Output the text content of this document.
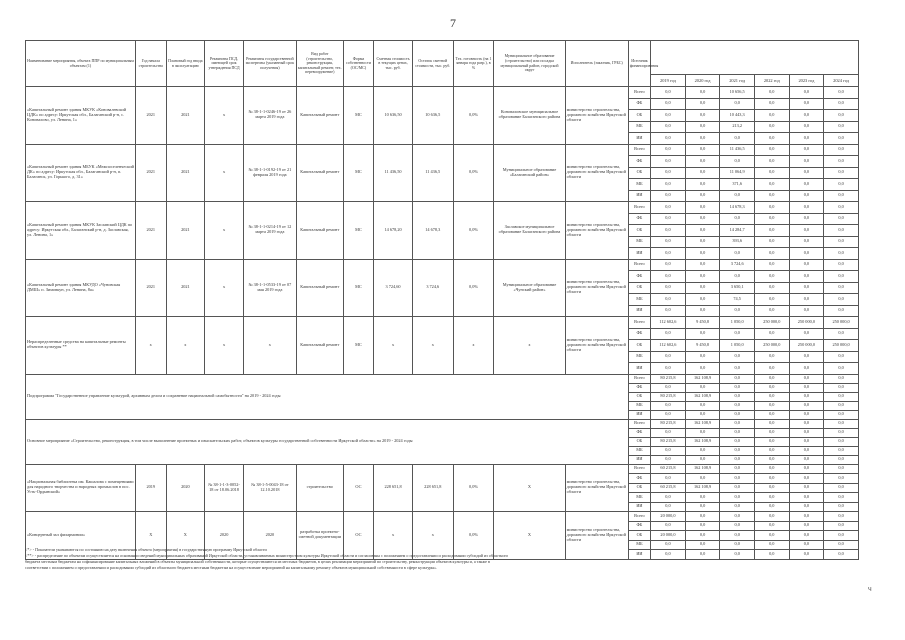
7
Наименование мероприятия, объекта ППР по муниципальным объектам (1)	Год начала строительства	Плановый год ввода в эксплуатацию	Реквизиты ПСД, имеющей срок утверждения ПСД	Реквизиты государственной экспертизы (указанный срок получения)	Вид работ (строительство, реконструкция, капитальный ремонт, тех. перевооружение)	Форма собственности (ОС/МС)	Сметная стоимость в текущих ценах, тыс. руб.	Остаток сметной стоимости, тыс. руб.	Тех. готовность (на 1 января года разр.), в %	Муниципальное образование (строительство) или посадка муниципальный район, городской округ	Исполнитель (заказчик, ГРБС)	Источник финансирования						
													2019 год	2020 год	2021 год	2022 год	2023 год	2024 год
«Капитальный ремонт здания МКУК «Коновалевский ЦДК» по адресу: Иркутская обл., Балаганский р-н, с. Коновалово, ул. Ленина, 1»	2021	2021	х	№ 38-1-1-0246-19 от 26 марта 2019 года	Капитальный ремонт	МС	10 636,50	10 636,5	0,0%	Коноваловское муниципальное образование Балаганского района	министерство строительства, дорожного хозяйства Иркутской области	Всего	0,0	0,0	10 656,5	0,0	0,0	0,0
												ФБ	0,0	0,0	0,0	0,0	0,0	0,0
												ОБ	0,0	0,0	10 443,3	0,0	0,0	0,0
												МБ	0,0	0,0	213,2	0,0	0,0	0,0
												ИИ	0,0	0,0	0,0	0,0	0,0	0,0
«Капитальный ремонт здания МБУК «Межпоселенческий ДК» по адресу: Иркутская обл., Балаганский р-н, п. Балаганск, ул. Горького, д. 31»	2021	2021	х	№ 38-1-1-0192-19 от 21 февраля 2019 года	Капитальный ремонт	МС	11 436,50	11 436,5	0,0%	Муниципальное образование «Балаганский район»	министерство строительства, дорожного хозяйства Иркутской области	Всего	0,0	0,0	11 436,5	0,0	0,0	0,0
												ФБ	0,0	0,0	0,0	0,0	0,0	0,0
												ОБ	0,0	0,0	11 064,9	0,0	0,0	0,0
												МБ	0,0	0,0	371,6	0,0	0,0	0,0
												ИИ	0,0	0,0	0,0	0,0	0,0	0,0
«Капитальный ремонт здания МКУК Заславский ЦДК по адресу: Иркутская обл., Балаганский р-н, д. Заславская, ул. Ленина, 1»	2021	2021	х	№ 38-1-1-0214-19 от 12 марта 2019 года	Капитальный ремонт	МС	14 678,20	14 678,3	0,0%	Заславское муниципальное образование Балаганского района	министерство строительства, дорожного хозяйства Иркутской области	Всего	0,0	0,0	14 678,3	0,0	0,0	0,0
												ФБ	0,0	0,0	0,0	0,0	0,0	0,0
												ОБ	0,0	0,0	14 284,7	0,0	0,0	0,0
												МБ	0,0	0,0	393,6	0,0	0,0	0,0
												ИИ	0,0	0,0	0,0	0,0	0,0	0,0
«Капитальный ремонт здания МКУДО «Чуновская ДМШ» п. Зимовкун, ул. Ленина, 8а»	2021	2021	х	№ 38-1-1-0533-19 от 07 мая 2019 года	Капитальный ремонт	МС	3 724,60	3 724,6	0,0%	Муниципальное образование «Чунский район»	министерство строительства, дорожного хозяйства Иркутской области	Всего	0,0	0,0	3 724,6	0,0	0,0	0,0
												ФБ	0,0	0,0	0,0	0,0	0,0	0,0
												ОБ	0,0	0,0	3 650,1	0,0	0,0	0,0
												МБ	0,0	0,0	74,5	0,0	0,0	0,0
												ИИ	0,0	0,0	0,0	0,0	0,0	0,0
Нераспределенные средства на капитальные ремонты объектов культуры **	х	х	х	х	Капитальный ремонт	МС	х	х	х	х	министерство строительства, дорожного хозяйства Иркутской области	Всего	112 602,6	9 450,8	1 050,0	250 000,0	250 000,0	250 000,0
												ФБ	0,0	0,0	0,0	0,0	0,0	0,0
												ОБ	112 602,6	9 450,8	1 050,0	250 000,0	250 000,0	250 000,0
												МБ	0,0	0,0	0,0	0,0	0,0	0,0
												ИИ	0,0	0,0	0,0	0,0	0,0	0,0
Подпрограмма "Государственное управление культурой, архивным делом и сохранение национальной самобытности" на 2019 - 2024 годы												Всего	80 215,8	162 108,9	0,0	0,0	0,0	0,0
												ФБ	0,0	0,0	0,0	0,0	0,0	0,0
												ОБ	80 215,8	162 108,9	0,0	0,0	0,0	0,0
												МБ	0,0	0,0	0,0	0,0	0,0	0,0
												ИИ	0,0	0,0	0,0	0,0	0,0	0,0
Основное мероприятие «Строительство, реконструкция, в том числе выполнение проектных и изыскательских работ, объектов культуры государственной собственности Иркутской области» на 2019 - 2024 годы												Всего	80 215,8	162 108,9	0,0	0,0	0,0	0,0
												ФБ	0,0	0,0	0,0	0,0	0,0	0,0
												ОБ	80 215,8	162 108,9	0,0	0,0	0,0	0,0
												МБ	0,0	0,0	0,0	0,0	0,0	0,0
												ИИ	0,0	0,0	0,0	0,0	0,0	0,0
«Национальная библиотека им. Кашалова с помещениями для народного творчества и народных промыслов в пос. Усть-Ордынский»	2019	2020	№ 38-1-1-3-0052-18 от 18.06.2018	№ 38-1-5-0043-18 от 12.10.2018	строительство	ОС	228 651,8	228 651,8	0,0%	Х	министерство строительства, дорожного хозяйства Иркутской области	Всего	60 215,8	162 108,9	0,0	0,0	0,0	0,0
												ФБ	0,0	0,0	0,0	0,0	0,0	0,0
												ОБ	60 215,8	162 108,9	0,0	0,0	0,0	0,0
												МБ	0,0	0,0	0,0	0,0	0,0	0,0
												ИИ	0,0	0,0	0,0	0,0	0,0	0,0
«Концертный зал филармонии»	Х	Х	2020	2020	разработка проектно-сметной документации	ОС	х	х	0,0%	Х	министерство строительства, дорожного хозяйства Иркутской области	Всего	20 000,0	0,0	0,0	0,0	0,0	0,0
												ФБ	0,0	0,0	0,0	0,0	0,0	0,0
												ОБ	20 000,0	0,0	0,0	0,0	0,0	0,0
												МБ	0,0	0,0	0,0	0,0	0,0	0,0
												ИИ	0,0	0,0	0,0	0,0	0,0	0,0
<*> - Показатели указываются по состоянию на дату включения объекта (мероприятия) в государственную программу Иркутской области
<**> - распределение по объектам осуществляется на основании сведений муниципальных образований Иркутской области, устанавливаемых министерством культуры Иркутской области и согласованы с положением о предоставлении и расходовании субсидий из областного
бюджета местным бюджетам на софинансирование капитальных вложений в объекты муниципальной собственности, которые осуществляются из местных бюджетов, в целях реализации мероприятий по строительству, реконструкции объектов культуры и, а также в
соответствии с положением о предоставлении и расходовании субсидий из областного бюджета местным бюджетам на осуществление мероприятий на капитальному ремонту объектов муниципальной собственности в сфере культуры».
ч
